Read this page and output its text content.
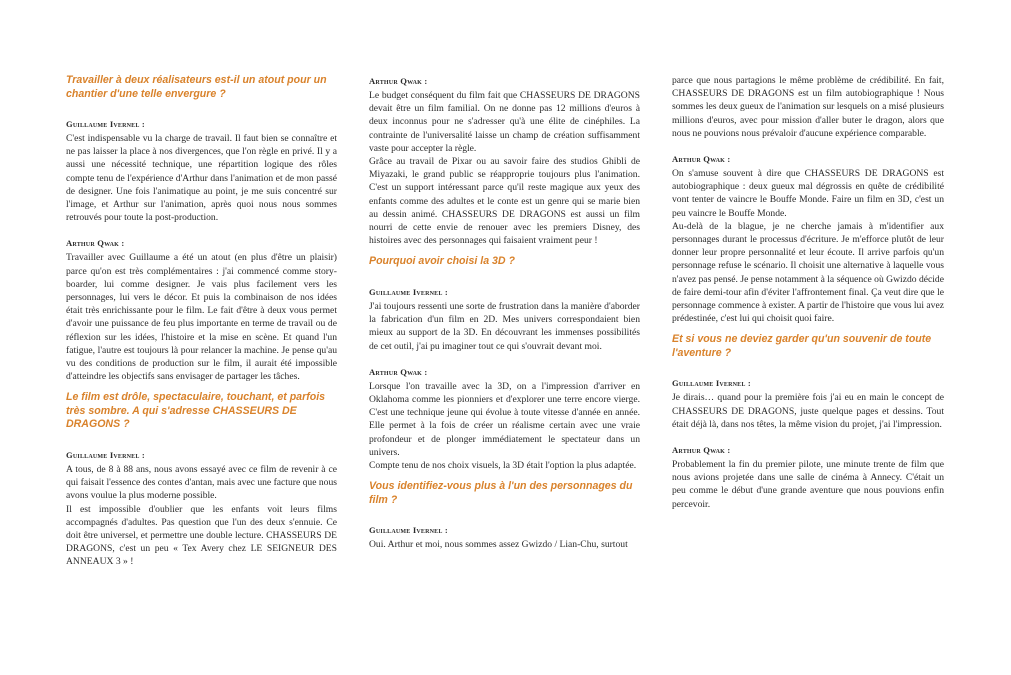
Travailler à deux réalisateurs est-il un atout pour un chantier d'une telle envergure ?
Guillaume Ivernel :

C'est indispensable vu la charge de travail. Il faut bien se connaître et ne pas laisser la place à nos divergences, que l'on règle en privé. Il y a aussi une nécessité technique, une répartition logique des rôles compte tenu de l'expérience d'Arthur dans l'animation et de mon passé de designer. Une fois l'animatique au point, je me suis concentré sur l'image, et Arthur sur l'animation, après quoi nous nous sommes retrouvés pour toute la post-production.

Arthur Qwak :

Travailler avec Guillaume a été un atout (en plus d'être un plaisir) parce qu'on est très complémentaires : j'ai commencé comme story-boarder, lui comme designer. Je vais plus facilement vers les personnages, lui vers le décor. Et puis la combinaison de nos idées était très enrichissante pour le film. Le fait d'être à deux vous permet d'avoir une puissance de feu plus importante en terme de travail ou de réflexion sur les idées, l'histoire et la mise en scène. Et quand l'un fatigue, l'autre est toujours là pour relancer la machine. Je pense qu'au vu des conditions de production sur le film, il aurait été impossible d'atteindre les objectifs sans envisager de partager les tâches.

Le film est drôle, spectaculaire, touchant, et parfois très sombre. A qui s'adresse CHASSEURS DE DRAGONS ?
Guillaume Ivernel :

A tous, de 8 à 88 ans, nous avons essayé avec ce film de revenir à ce qui faisait l'essence des contes d'antan, mais avec une facture que nous avons voulue la plus moderne possible.

Il est impossible d'oublier que les enfants voit leurs films accompagnés d'adultes. Pas question que l'un des deux s'ennuie. Ce doit être universel, et permettre une double lecture. CHASSEURS DE DRAGONS, c'est un peu « Tex Avery chez LE SEIGNEUR DES ANNEAUX 3 » !

Arthur Qwak :

Le budget conséquent du film fait que CHASSEURS DE DRAGONS devait être un film familial. On ne donne pas 12 millions d'euros à deux inconnus pour ne s'adresser qu'à une élite de cinéphiles. La contrainte de l'universalité laisse un champ de création suffisamment vaste pour accepter la règle.

Grâce au travail de Pixar ou au savoir faire des studios Ghibli de Miyazaki, le grand public se réapproprie toujours plus l'animation. C'est un support intéressant parce qu'il reste magique aux yeux des enfants comme des adultes et le conte est un genre qui se marie bien au dessin animé. CHASSEURS DE DRAGONS est aussi un film nourri de cette envie de renouer avec les premiers Disney, des histoires avec des personnages qui faisaient vraiment peur !

Pourquoi avoir choisi la 3D ?
Guillaume Ivernel :

J'ai toujours ressenti une sorte de frustration dans la manière d'aborder la fabrication d'un film en 2D. Mes univers correspondaient bien mieux au support de la 3D. En découvrant les immenses possibilités de cet outil, j'ai pu imaginer tout ce qui s'ouvrait devant moi.

Arthur Qwak :

Lorsque l'on travaille avec la 3D, on a l'impression d'arriver en Oklahoma comme les pionniers et d'explorer une terre encore vierge. C'est une technique jeune qui évolue à toute vitesse d'année en année. Elle permet à la fois de créer un réalisme certain avec une vraie profondeur et de plonger immédiatement le spectateur dans un univers.

Compte tenu de nos choix visuels, la 3D était l'option la plus adaptée.

Vous identifiez-vous plus à l'un des personnages du film ?
Guillaume Ivernel :

Oui. Arthur et moi, nous sommes assez Gwizdo / Lian-Chu, surtout

parce que nous partagions le même problème de crédibilité. En fait, CHASSEURS DE DRAGONS est un film autobiographique ! Nous sommes les deux gueux de l'animation sur lesquels on a misé plusieurs millions d'euros, avec pour mission d'aller buter le dragon, alors que nous ne pouvions nous prévaloir d'aucune expérience comparable.

Arthur Qwak :

On s'amuse souvent à dire que CHASSEURS DE DRAGONS est autobiographique : deux gueux mal dégrossis en quête de crédibilité vont tenter de vaincre le Bouffe Monde. Faire un film en 3D, c'est un peu vaincre le Bouffe Monde.

Au-delà de la blague, je ne cherche jamais à m'identifier aux personnages durant le processus d'écriture. Je m'efforce plutôt de leur donner leur propre personnalité et leur écoute. Il arrive parfois qu'un personnage refuse le scénario. Il choisit une alternative à laquelle vous n'avez pas pensé. Je pense notamment à la séquence où Gwizdo décide de faire demi-tour afin d'éviter l'affrontement final. Ça veut dire que le personnage commence à exister. A partir de l'histoire que vous lui avez prédestinée, c'est lui qui choisit quoi faire.

Et si vous ne deviez garder qu'un souvenir de toute l'aventure ?
Guillaume Ivernel :

Je dirais… quand pour la première fois j'ai eu en main le concept de CHASSEURS DE DRAGONS, juste quelque pages et dessins. Tout était déjà là, dans nos têtes, la même vision du projet, j'ai l'impression.

Arthur Qwak :

Probablement la fin du premier pilote, une minute trente de film que nous avions projetée dans une salle de cinéma à Annecy. C'était un peu comme le début d'une grande aventure que nous pouvions enfin percevoir.
